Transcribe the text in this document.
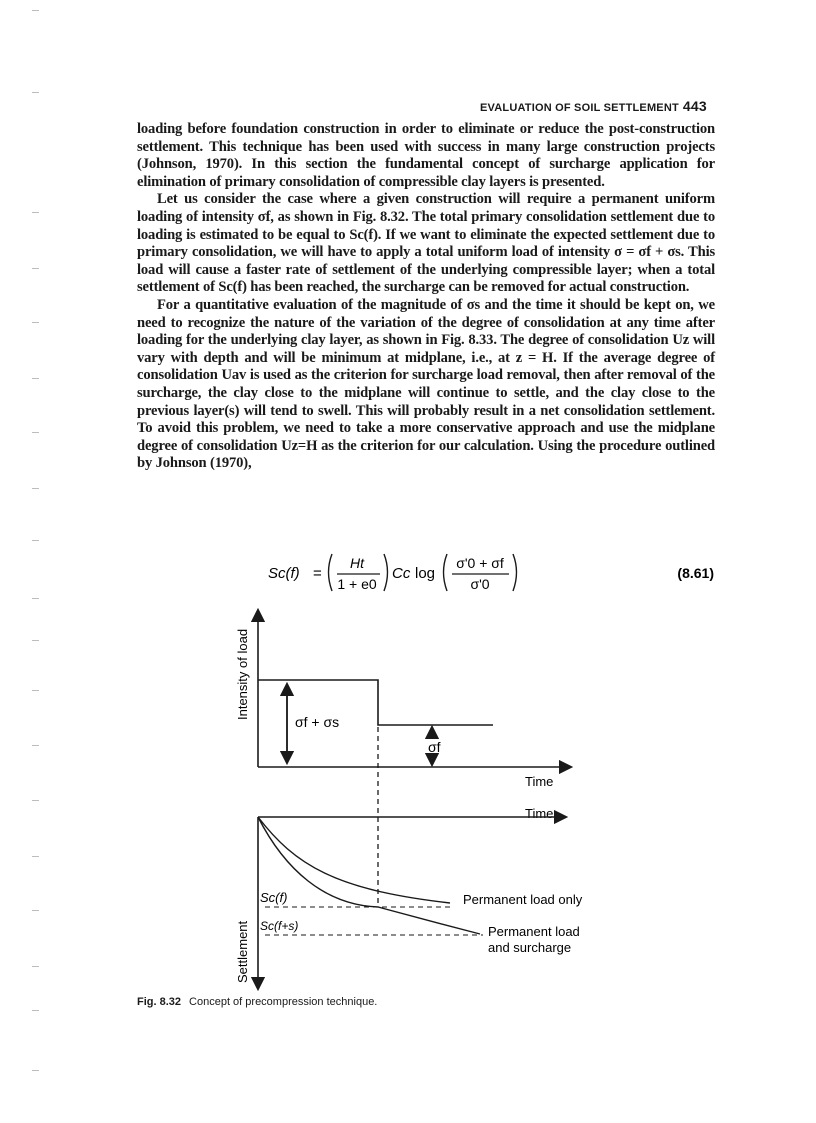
EVALUATION OF SOIL SETTLEMENT 443

loading before foundation construction in order to eliminate or reduce the post-construction settlement. This technique has been used with success in many large construction projects (Johnson, 1970). In this section the fundamental concept of surcharge application for elimination of primary consolidation of compressible clay layers is presented.

Let us consider the case where a given construction will require a permanent uniform loading of intensity σf, as shown in Fig. 8.32. The total primary consolidation settlement due to loading is estimated to be equal to Sc(f). If we want to eliminate the expected settlement due to primary consolidation, we will have to apply a total uniform load of intensity σ = σf + σs. This load will cause a faster rate of settlement of the underlying compressible layer; when a total settlement of Sc(f) has been reached, the surcharge can be removed for actual construction.

For a quantitative evaluation of the magnitude of σs and the time it should be kept on, we need to recognize the nature of the variation of the degree of consolidation at any time after loading for the underlying clay layer, as shown in Fig. 8.33. The degree of consolidation Uz will vary with depth and will be minimum at midplane, i.e., at z = H. If the average degree of consolidation Uav is used as the criterion for surcharge load removal, then after removal of the surcharge, the clay close to the midplane will continue to settle, and the clay close to the previous layer(s) will tend to swell. This will probably result in a net consolidation settlement. To avoid this problem, we need to take a more conservative approach and use the midplane degree of consolidation Uz=H as the criterion for our calculation. Using the procedure outlined by Johnson (1970),

Sc(f) =
Ht
1 + e0
Cc log
σ'0 + σf
σ'0
(8.61)
Intensity of load
σf + σs
σf
Time
Time
Settlement
Sc(f)
Sc(f+s)
Permanent load only
Permanent load
and surcharge
Fig. 8.32 Concept of precompression technique.
